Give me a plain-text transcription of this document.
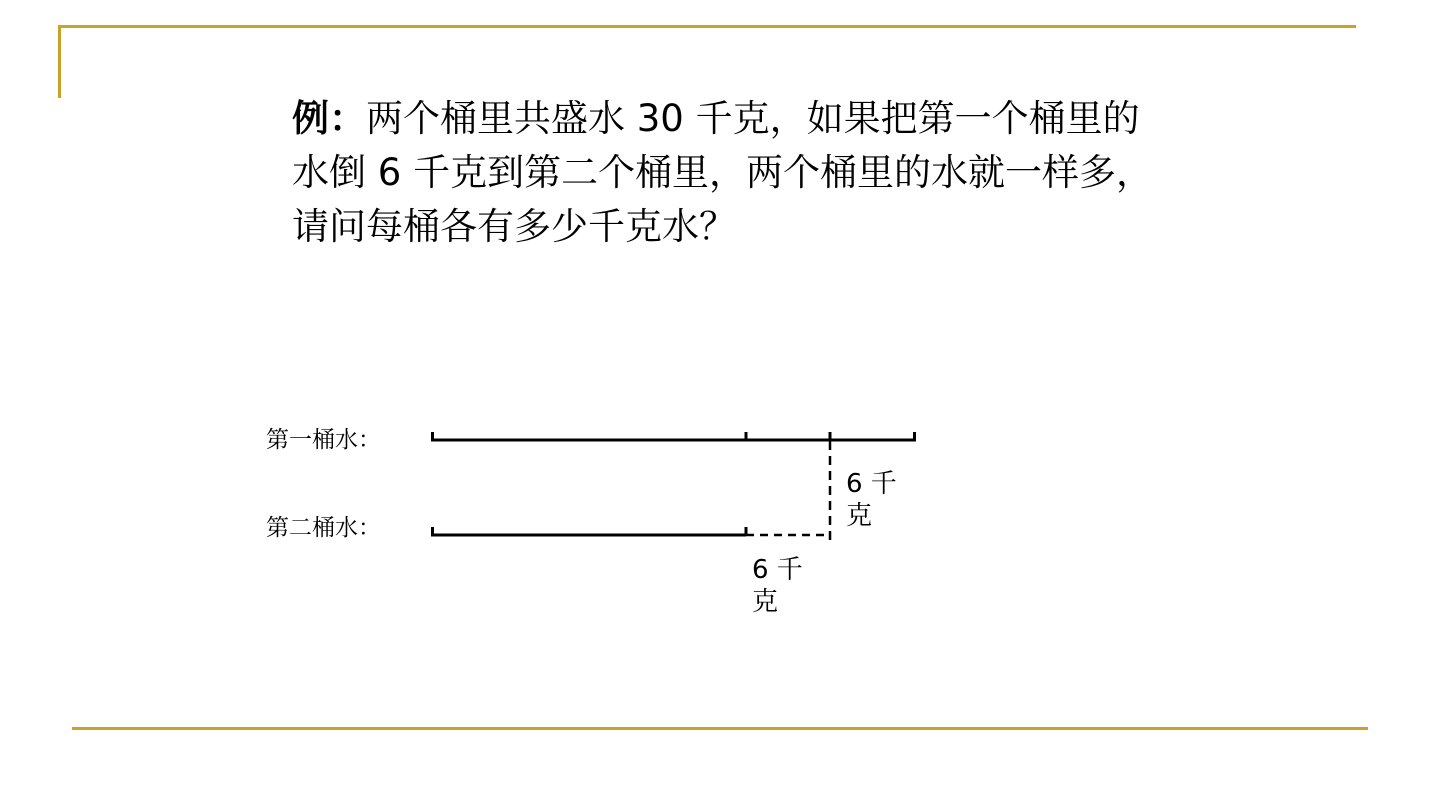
例：两个桶里共盛水 30 千克，如果把第一个桶里的水倒 6 千克到第二个桶里，两个桶里的水就一样多，请问每桶各有多少千克水？

第一桶水：
第二桶水：
6 千克
6 千克
